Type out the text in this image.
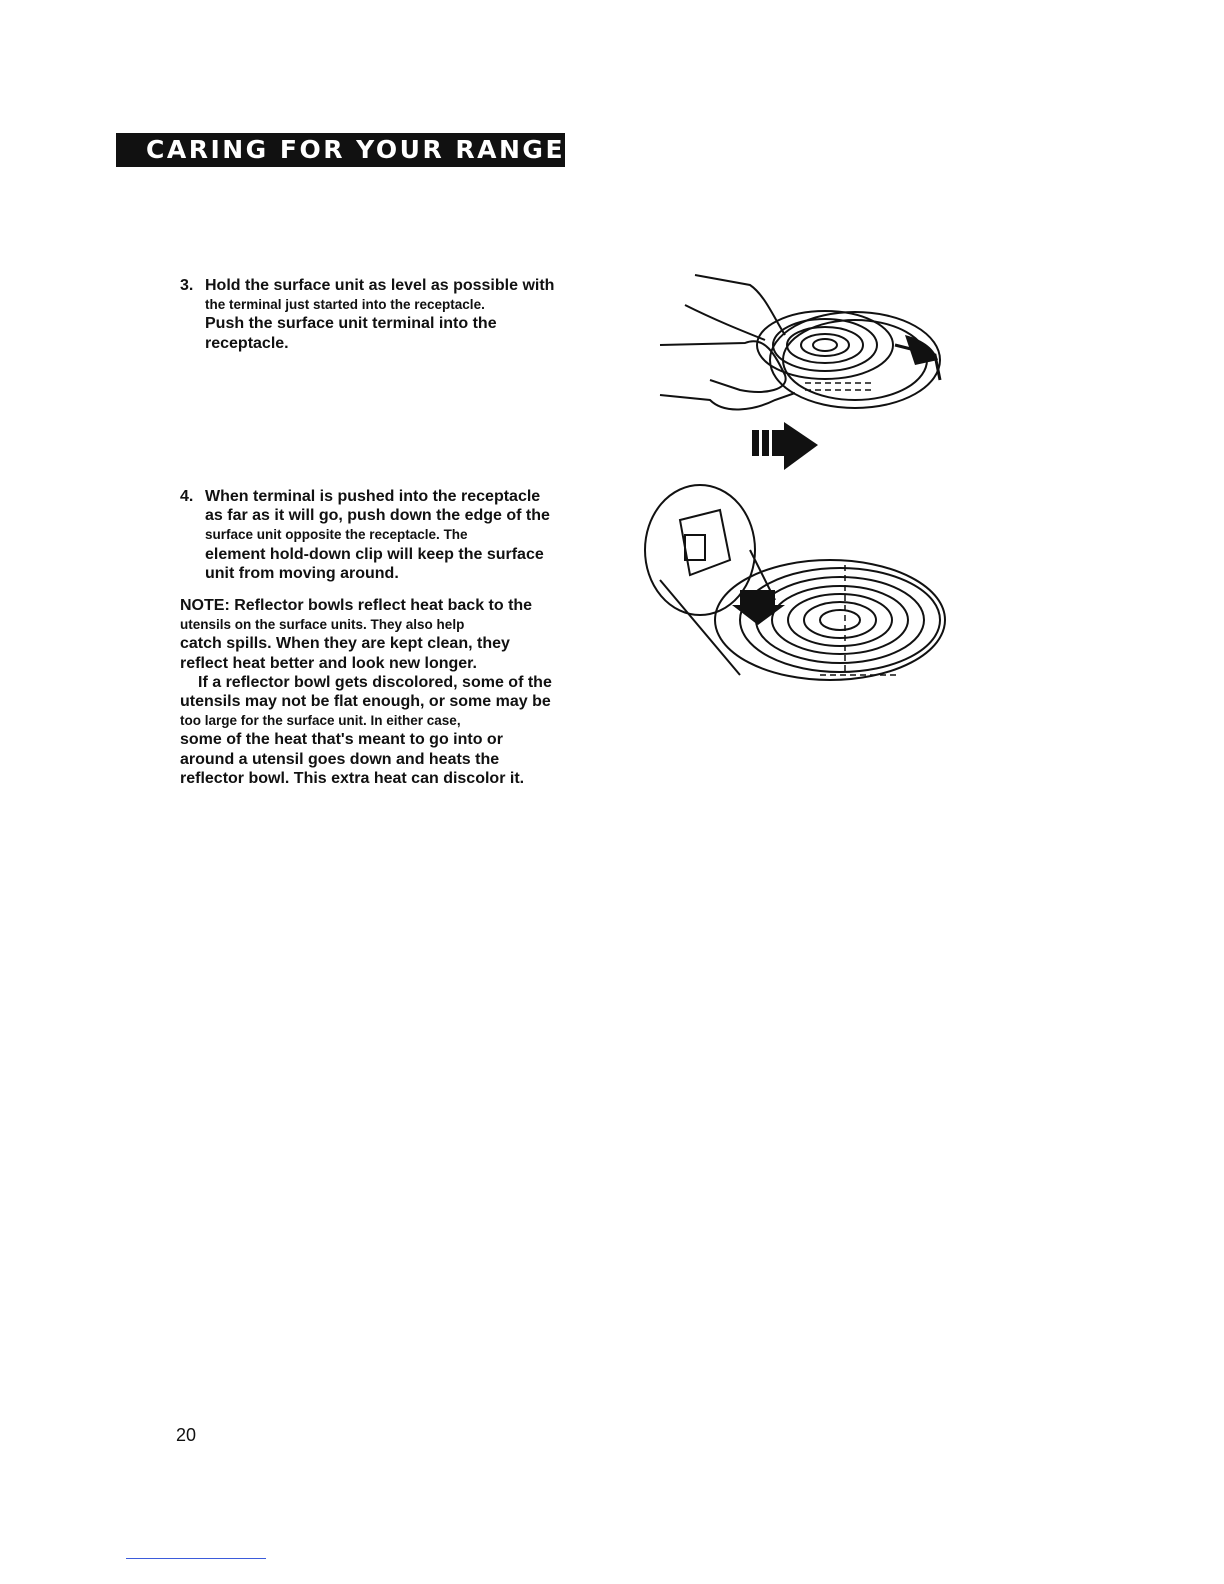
CARING FOR YOUR RANGE
3. Hold the surface unit as level as possible with
the terminal just started into the receptacle.
Push the surface unit terminal into the
receptacle.
4. When terminal is pushed into the receptacle
as far as it will go, push down the edge of the
surface unit opposite the receptacle. The
element hold-down clip will keep the surface
unit from moving around.

NOTE: Reflector bowls reflect heat back to the

utensils on the surface units. They also help

catch spills. When they are kept clean, they

reflect heat better and look new longer.

If a reflector bowl gets discolored, some of the

utensils may not be flat enough, or some may be

too large for the surface unit. In either case,

some of the heat that's meant to go into or

around a utensil goes down and heats the

reflector bowl. This extra heat can discolor it.

20
